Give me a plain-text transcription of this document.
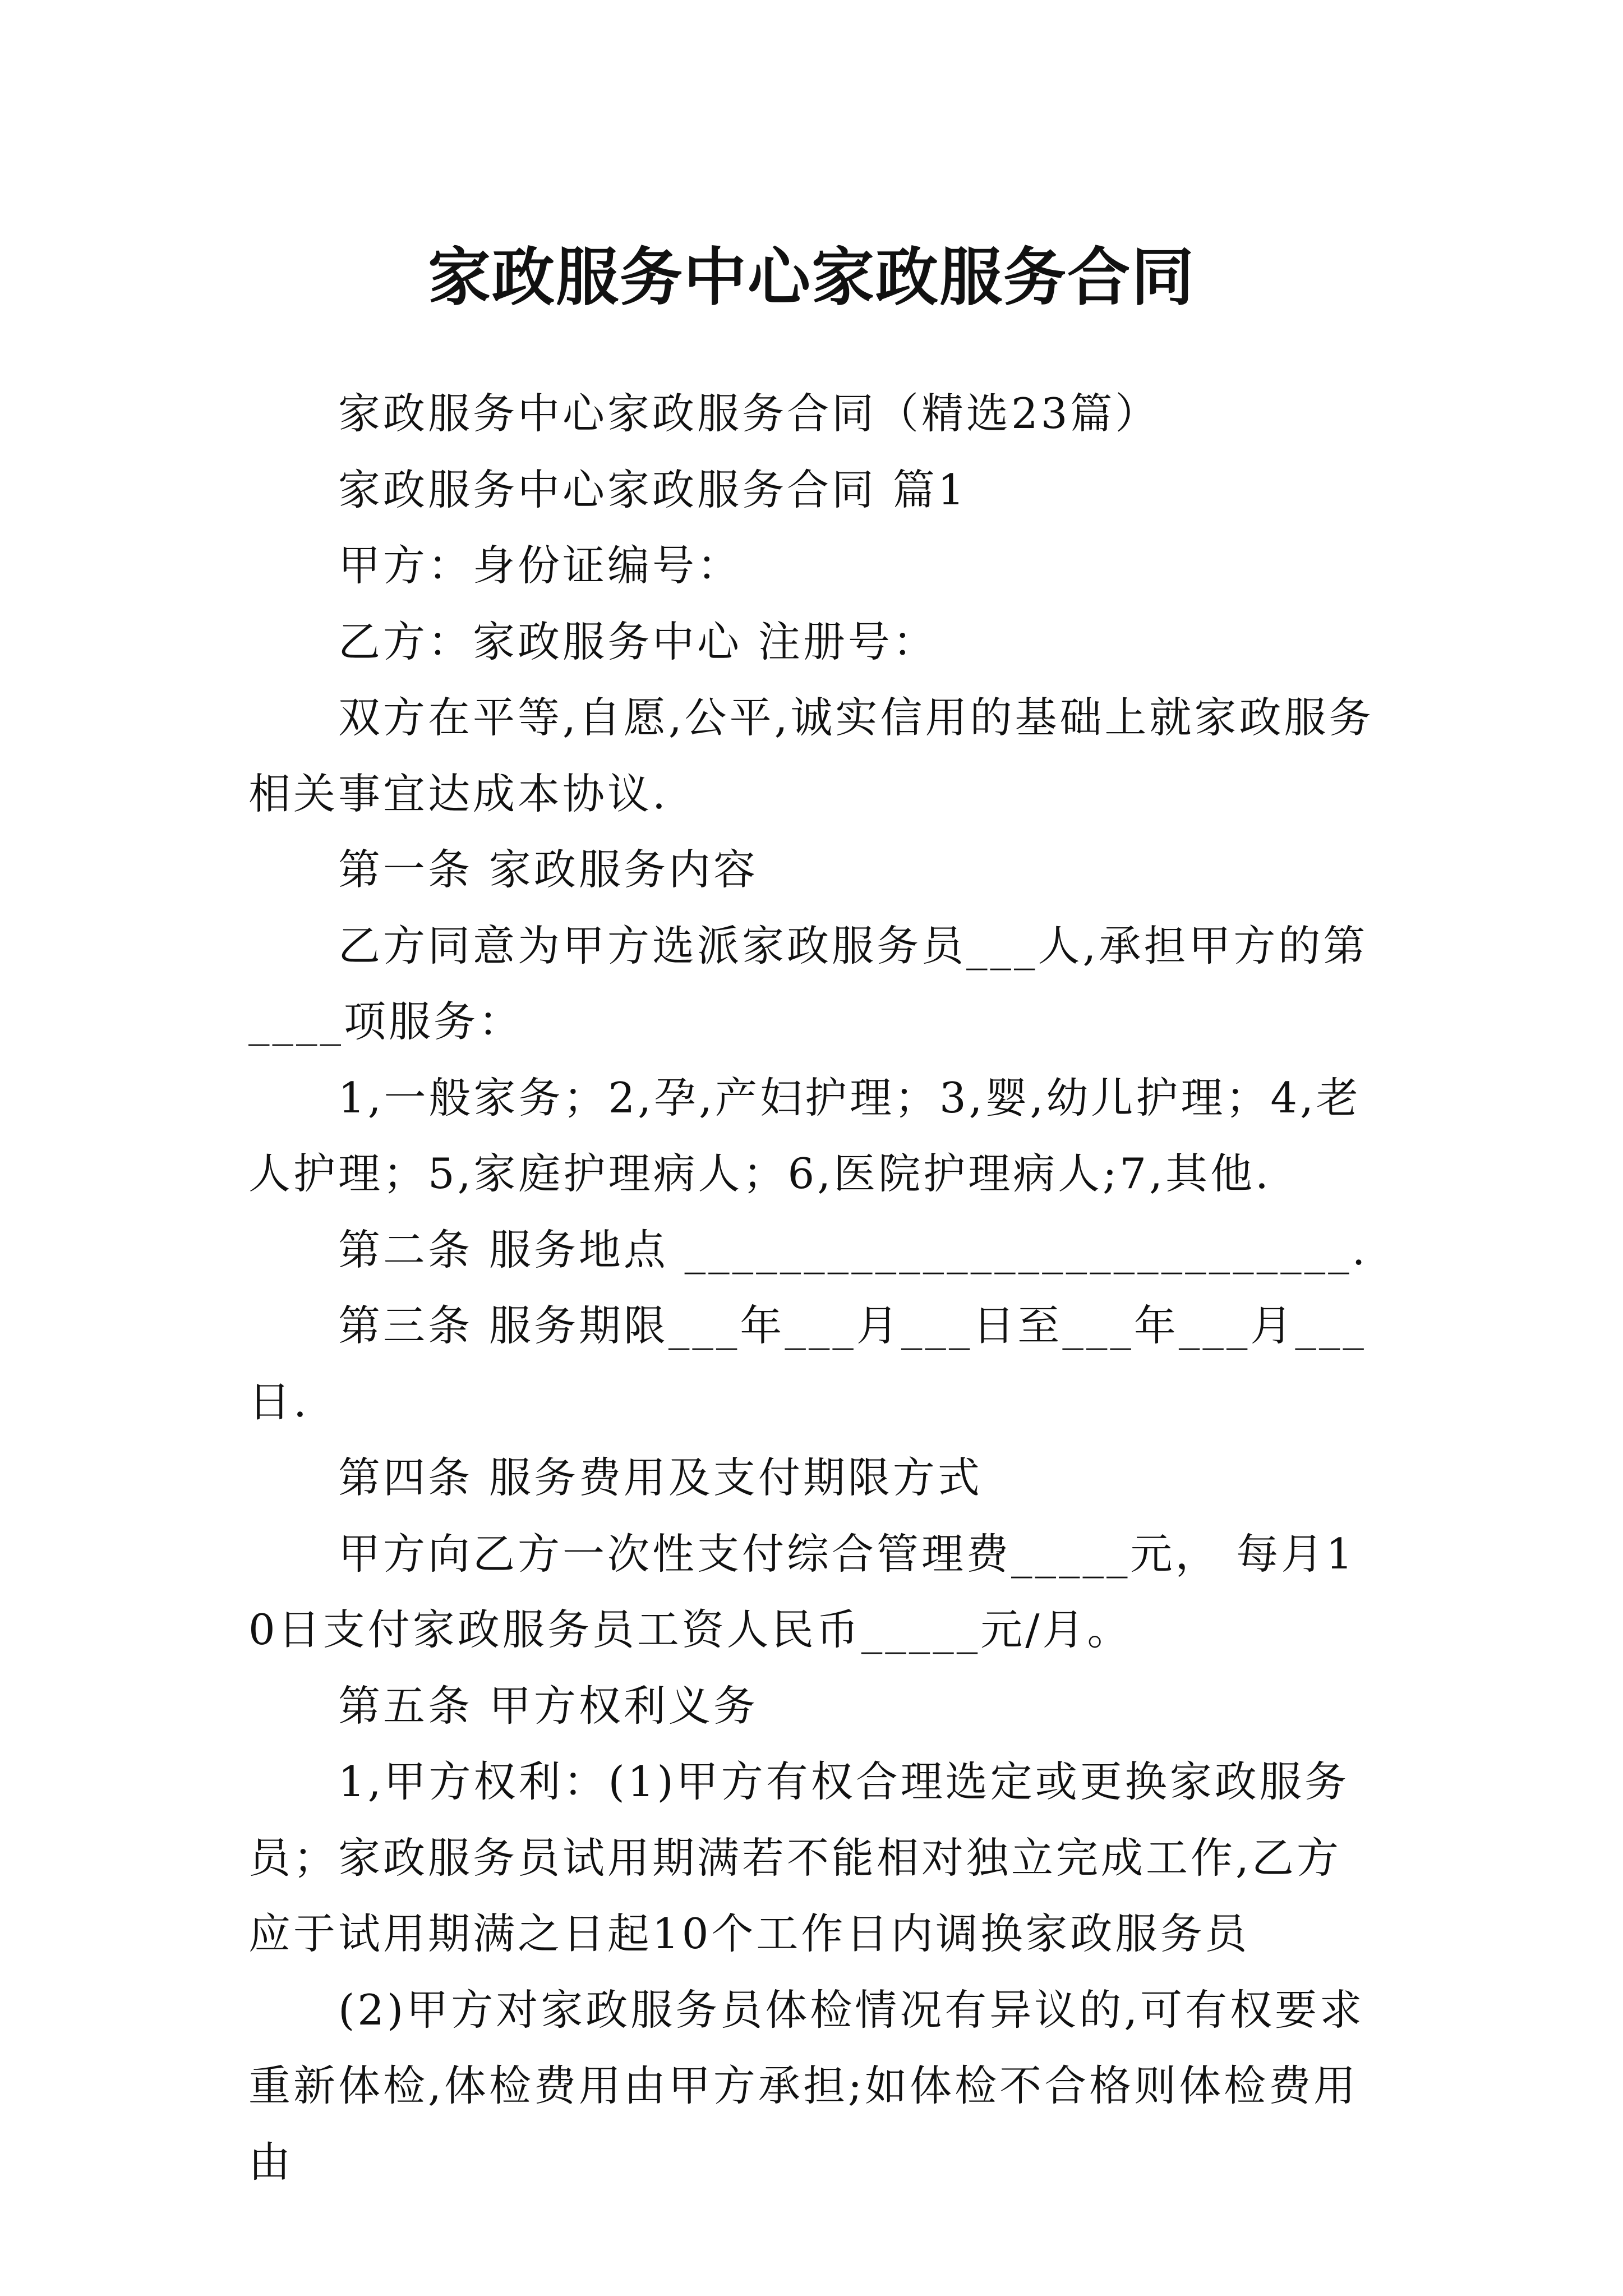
家政服务中心家政服务合同

家政服务中心家政服务合同（精选23篇）

家政服务中心家政服务合同 篇1

甲方：身份证编号：

乙方：家政服务中心 注册号：

双方在平等,自愿,公平,诚实信用的基础上就家政服务相关事宜达成本协议.

第一条 家政服务内容

乙方同意为甲方选派家政服务员___人,承担甲方的第____项服务：

1,一般家务；2,孕,产妇护理；3,婴,幼儿护理；4,老人护理；5,家庭护理病人；6,医院护理病人;7,其他.

第二条 服务地点 ____________________________.

第三条 服务期限___年___月___日至___年___月___日.

第四条 服务费用及支付期限方式

甲方向乙方一次性支付综合管理费_____元， 每月10日支付家政服务员工资人民币_____元/月。

第五条 甲方权利义务

1,甲方权利：(1)甲方有权合理选定或更换家政服务员；家政服务员试用期满若不能相对独立完成工作,乙方应于试用期满之日起10个工作日内调换家政服务员

(2)甲方对家政服务员体检情况有异议的,可有权要求重新体检,体检费用由甲方承担;如体检不合格则体检费用由
